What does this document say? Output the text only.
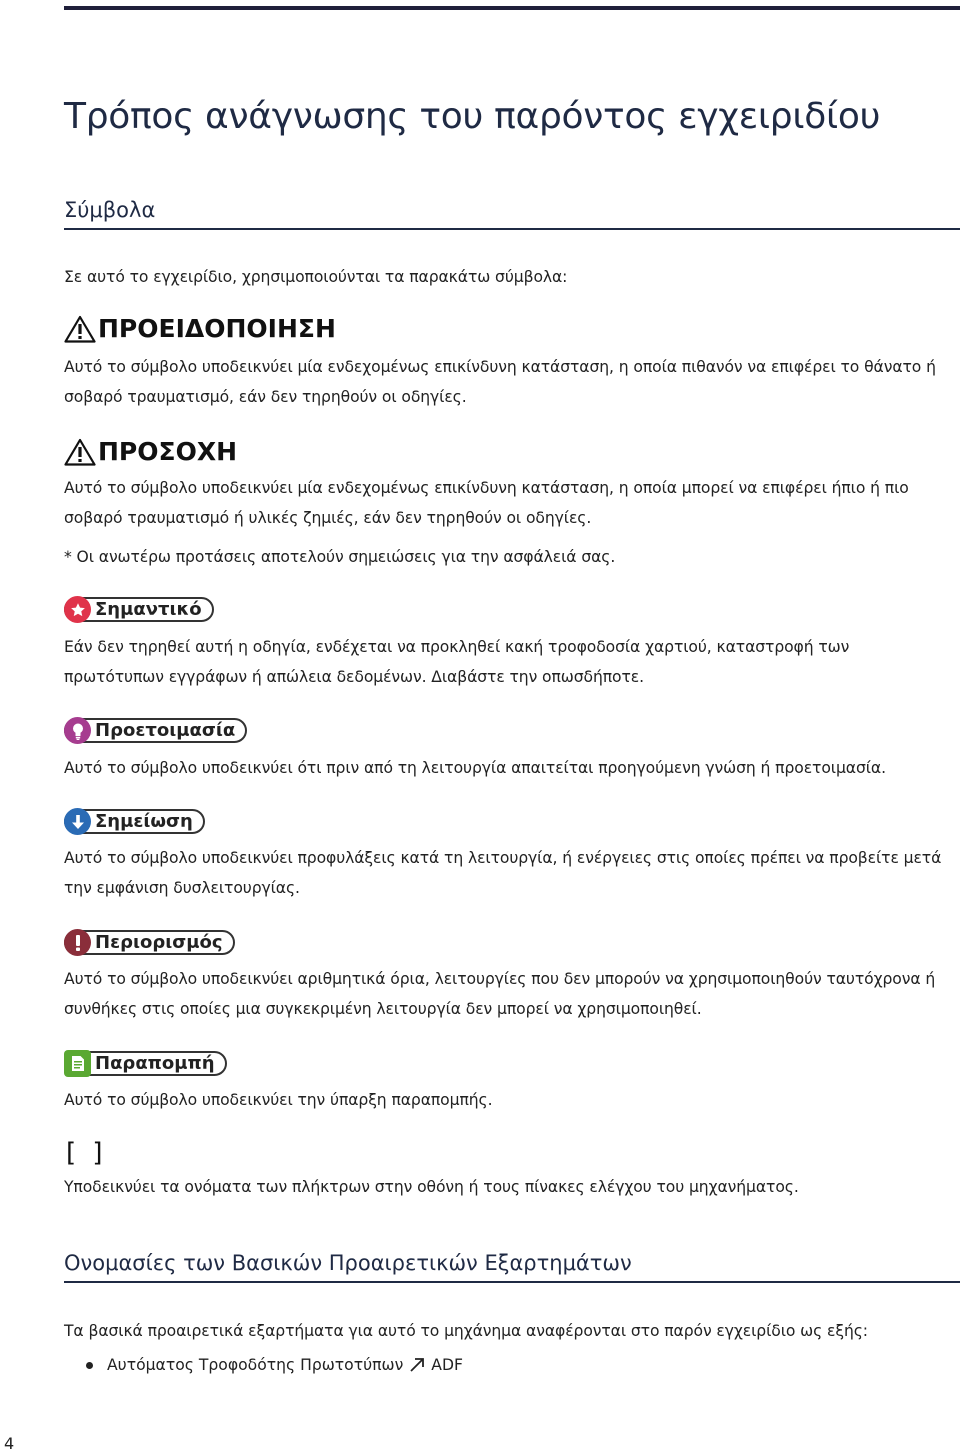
Τρόπος ανάγνωσης του παρόντος εγχειριδίου
Σύμβολα

Σε αυτό το εγχειρίδιο, χρησιμοποιούνται τα παρακάτω σύμβολα:

ΠΡΟΕΙΔΟΠΟΙΗΣΗ

Αυτό το σύμβολο υποδεικνύει μία ενδεχομένως επικίνδυνη κατάσταση, η οποία πιθανόν να επιφέρει το θάνατο ή σοβαρό τραυματισμό, εάν δεν τηρηθούν οι οδηγίες.

ΠΡΟΣΟΧΗ

Αυτό το σύμβολο υποδεικνύει μία ενδεχομένως επικίνδυνη κατάσταση, η οποία μπορεί να επιφέρει ήπιο ή πιο σοβαρό τραυματισμό ή υλικές ζημιές, εάν δεν τηρηθούν οι οδηγίες.

* Οι ανωτέρω προτάσεις αποτελούν σημειώσεις για την ασφάλειά σας.

Σημαντικό

Εάν δεν τηρηθεί αυτή η οδηγία, ενδέχεται να προκληθεί κακή τροφοδοσία χαρτιού, καταστροφή των πρωτότυπων εγγράφων ή απώλεια δεδομένων. Διαβάστε την οπωσδήποτε.

Προετοιμασία

Αυτό το σύμβολο υποδεικνύει ότι πριν από τη λειτουργία απαιτείται προηγούμενη γνώση ή προετοιμασία.

Σημείωση

Αυτό το σύμβολο υποδεικνύει προφυλάξεις κατά τη λειτουργία, ή ενέργειες στις οποίες πρέπει να προβείτε μετά την εμφάνιση δυσλειτουργίας.

Περιορισμός

Αυτό το σύμβολο υποδεικνύει αριθμητικά όρια, λειτουργίες που δεν μπορούν να χρησιμοποιηθούν ταυτόχρονα ή συνθήκες στις οποίες μια συγκεκριμένη λειτουργία δεν μπορεί να χρησιμοποιηθεί.

Παραπομπή

Αυτό το σύμβολο υποδεικνύει την ύπαρξη παραπομπής.

[ ]

Υποδεικνύει τα ονόματα των πλήκτρων στην οθόνη ή τους πίνακες ελέγχου του μηχανήματος.

Ονομασίες των Βασικών Προαιρετικών Εξαρτημάτων

Τα βασικά προαιρετικά εξαρτήματα για αυτό το μηχάνημα αναφέρονται στο παρόν εγχειρίδιο ως εξής:

Αυτόματος Τροφοδότης Πρωτοτύπων ADF
4
